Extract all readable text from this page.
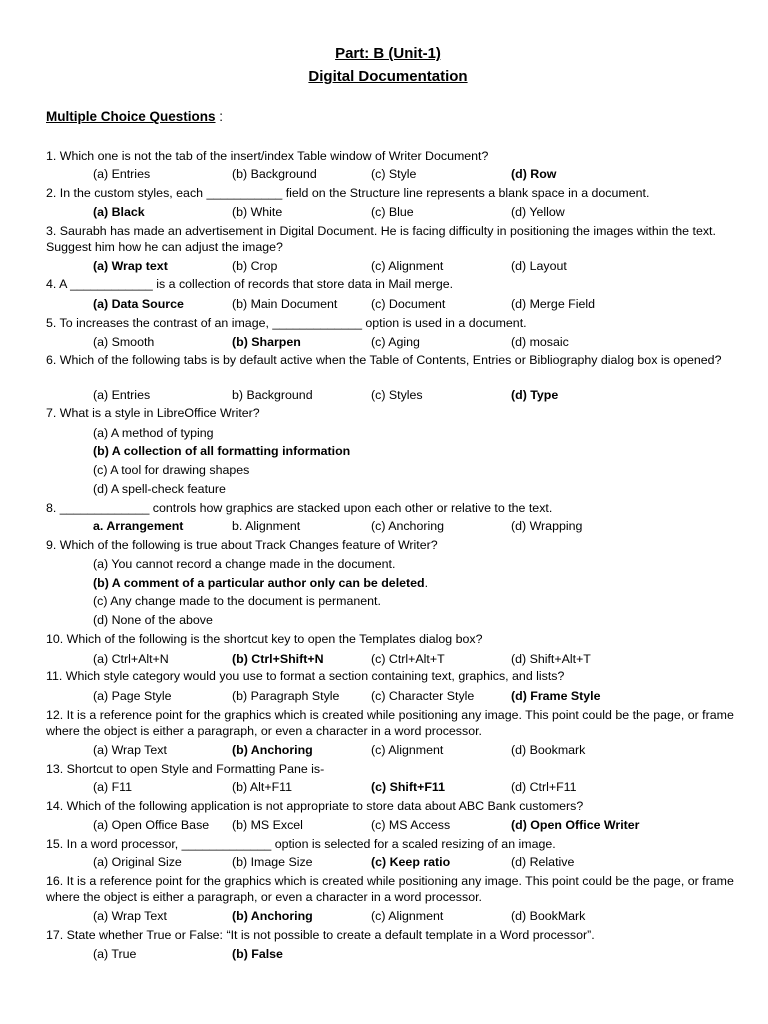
Part: B (Unit-1)
Digital Documentation
Multiple Choice Questions :
1. Which one is not the tab of the insert/index Table window of Writer Document?
(a) Entries	(b) Background	(c) Style	(d) Row
2. In the custom styles, each ___________ field on the Structure line represents a blank space in a document.
(a) Black	(b) White	(c) Blue	(d) Yellow
3. Saurabh has made an advertisement in Digital Document. He is facing difficulty in positioning the images within the text. Suggest him how he can adjust the image?
(a) Wrap text	(b) Crop	(c) Alignment	(d) Layout
4. A ____________ is a collection of records that store data in Mail merge.
(a) Data Source	(b) Main Document	(c) Document	(d) Merge Field
5. To increases the contrast of an image, _____________ option is used in a document.
(a) Smooth	(b) Sharpen	(c) Aging	(d) mosaic
6. Which of the following tabs is by default active when the Table of Contents, Entries or Bibliography dialog box is opened?
(a) Entries	b) Background	(c) Styles	(d) Type
7. What is a style in LibreOffice Writer?
(a) A method of typing
(b) A collection of all formatting information
(c) A tool for drawing shapes
(d) A spell-check feature
8. _____________ controls how graphics are stacked upon each other or relative to the text.
a. Arrangement	b. Alignment	(c) Anchoring	(d) Wrapping
9. Which of the following is true about Track Changes feature of Writer?
(a) You cannot record a change made in the document.
(b) A comment of a particular author only can be deleted.
(c) Any change made to the document is permanent.
(d) None of the above
10. Which of the following is the shortcut key to open the Templates dialog box?
(a) Ctrl+Alt+N	(b) Ctrl+Shift+N	(c) Ctrl+Alt+T	(d) Shift+Alt+T
11. Which style category would you use to format a section containing text, graphics, and lists?
(a) Page Style	(b) Paragraph Style	(c) Character Style	(d) Frame Style
12. It is a reference point for the graphics which is created while positioning any image. This point could be the page, or frame where the object is either a paragraph, or even a character in a word processor.
(a) Wrap Text	(b) Anchoring	(c) Alignment	(d) Bookmark
13. Shortcut to open Style and Formatting Pane is-
(a) F11	(b) Alt+F11	(c) Shift+F11	(d) Ctrl+F11
14. Which of the following application is not appropriate to store data about ABC Bank customers?
(a) Open Office Base (b) MS Excel	(c) MS Access	(d) Open Office Writer
15. In a word processor, _____________ option is selected for a scaled resizing of an image.
(a) Original Size	(b) Image Size	(c) Keep ratio	(d) Relative
16. It is a reference point for the graphics which is created while positioning any image. This point could be the page, or frame where the object is either a paragraph, or even a character in a word processor.
(a) Wrap Text	(b) Anchoring	(c) Alignment	(d) BookMark
17. State whether True or False: “It is not possible to create a default template in a Word processor”.
(a) True	(b) False
